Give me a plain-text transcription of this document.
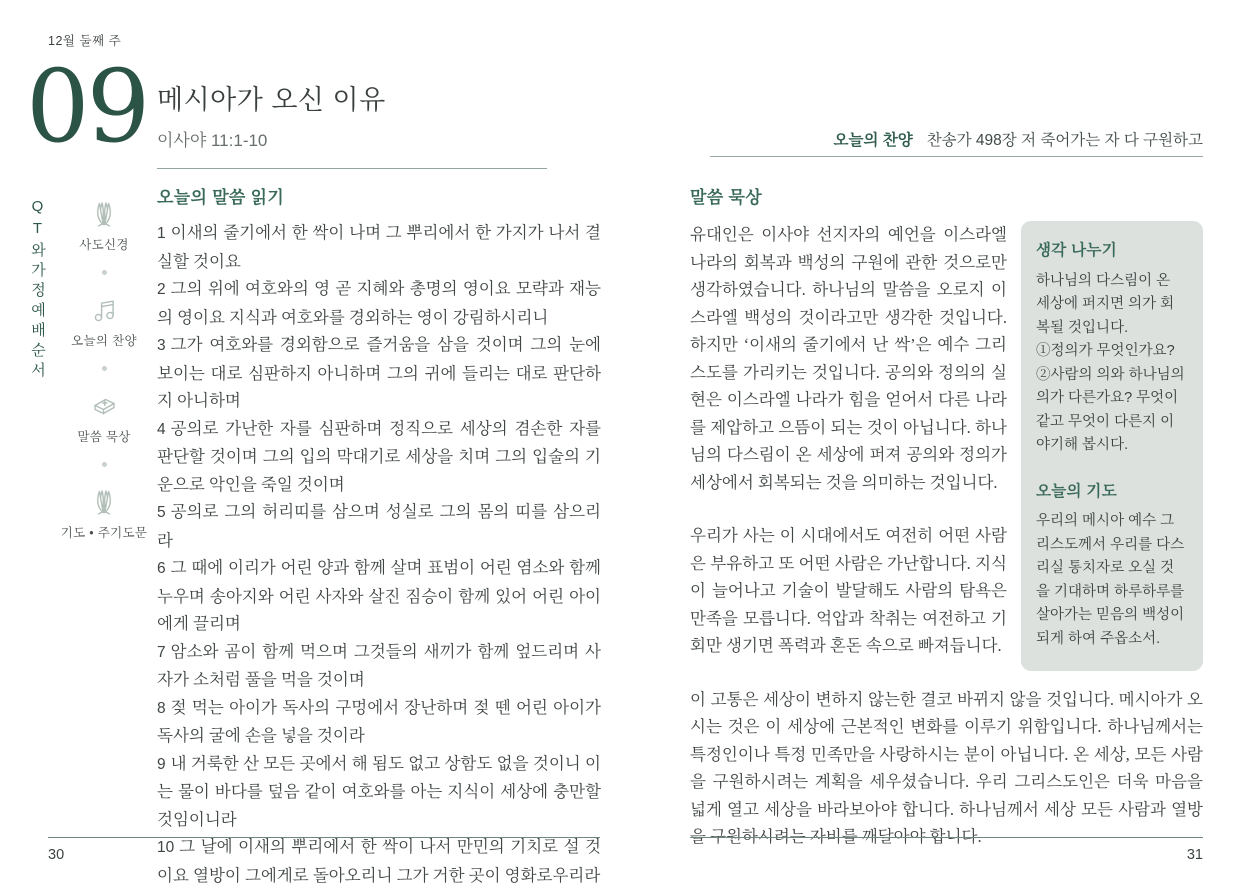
12월 둘째 주
09 메시아가 오신 이유
이사야 11:1-10
QT와가정예배순서
사도신경
오늘의 찬양
말씀 묵상
기도 • 주기도문
오늘의 말씀 읽기

1 이새의 줄기에서 한 싹이 나며 그 뿌리에서 한 가지가 나서 결실할 것이요

2 그의 위에 여호와의 영 곧 지혜와 총명의 영이요 모략과 재능의 영이요 지식과 여호와를 경외하는 영이 강림하시리니

3 그가 여호와를 경외함으로 즐거움을 삼을 것이며 그의 눈에 보이는 대로 심판하지 아니하며 그의 귀에 들리는 대로 판단하지 아니하며

4 공의로 가난한 자를 심판하며 정직으로 세상의 겸손한 자를 판단할 것이며 그의 입의 막대기로 세상을 치며 그의 입술의 기운으로 악인을 죽일 것이며

5 공의로 그의 허리띠를 삼으며 성실로 그의 몸의 띠를 삼으리라

6 그 때에 이리가 어린 양과 함께 살며 표범이 어린 염소와 함께 누우며 송아지와 어린 사자와 살진 짐승이 함께 있어 어린 아이에게 끌리며

7 암소와 곰이 함께 먹으며 그것들의 새끼가 함께 엎드리며 사자가 소처럼 풀을 먹을 것이며

8 젖 먹는 아이가 독사의 구멍에서 장난하며 젖 뗀 어린 아이가 독사의 굴에 손을 넣을 것이라

9 내 거룩한 산 모든 곳에서 해 됨도 없고 상함도 없을 것이니 이는 물이 바다를 덮음 같이 여호와를 아는 지식이 세상에 충만할 것임이니라

10 그 날에 이새의 뿌리에서 한 싹이 나서 만민의 기치로 설 것이요 열방이 그에게로 돌아오리니 그가 거한 곳이 영화로우리라

30
오늘의 찬양 찬송가 498장 저 죽어가는 자 다 구원하고
말씀 묵상
생각 나누기
하나님의 다스림이 온 세상에 퍼지면 의가 회복될 것입니다.
①정의가 무엇인가요?
②사람의 의와 하나님의 의가 다른가요? 무엇이 같고 무엇이 다른지 이야기해 봅시다.
오늘의 기도
우리의 메시아 예수 그리스도께서 우리를 다스리실 통치자로 오실 것을 기대하며 하루하루를 살아가는 믿음의 백성이 되게 하여 주옵소서.

유대인은 이사야 선지자의 예언을 이스라엘 나라의 회복과 백성의 구원에 관한 것으로만 생각하였습니다. 하나님의 말씀을 오로지 이스라엘 백성의 것이라고만 생각한 것입니다. 하지만 ‘이새의 줄기에서 난 싹’은 예수 그리스도를 가리키는 것입니다. 공의와 정의의 실현은 이스라엘 나라가 힘을 얻어서 다른 나라를 제압하고 으뜸이 되는 것이 아닙니다. 하나님의 다스림이 온 세상에 퍼져 공의와 정의가 세상에서 회복되는 것을 의미하는 것입니다.

우리가 사는 이 시대에서도 여전히 어떤 사람은 부유하고 또 어떤 사람은 가난합니다. 지식이 늘어나고 기술이 발달해도 사람의 탐욕은 만족을 모릅니다. 억압과 착취는 여전하고 기회만 생기면 폭력과 혼돈 속으로 빠져듭니다.

이 고통은 세상이 변하지 않는한 결코 바뀌지 않을 것입니다. 메시아가 오시는 것은 이 세상에 근본적인 변화를 이루기 위함입니다. 하나님께서는 특정인이나 특정 민족만을 사랑하시는 분이 아닙니다. 온 세상, 모든 사람을 구원하시려는 계획을 세우셨습니다. 우리 그리스도인은 더욱 마음을 넓게 열고 세상을 바라보아야 합니다. 하나님께서 세상 모든 사람과 열방을 구원하시려는 자비를 깨달아야 합니다.

31
